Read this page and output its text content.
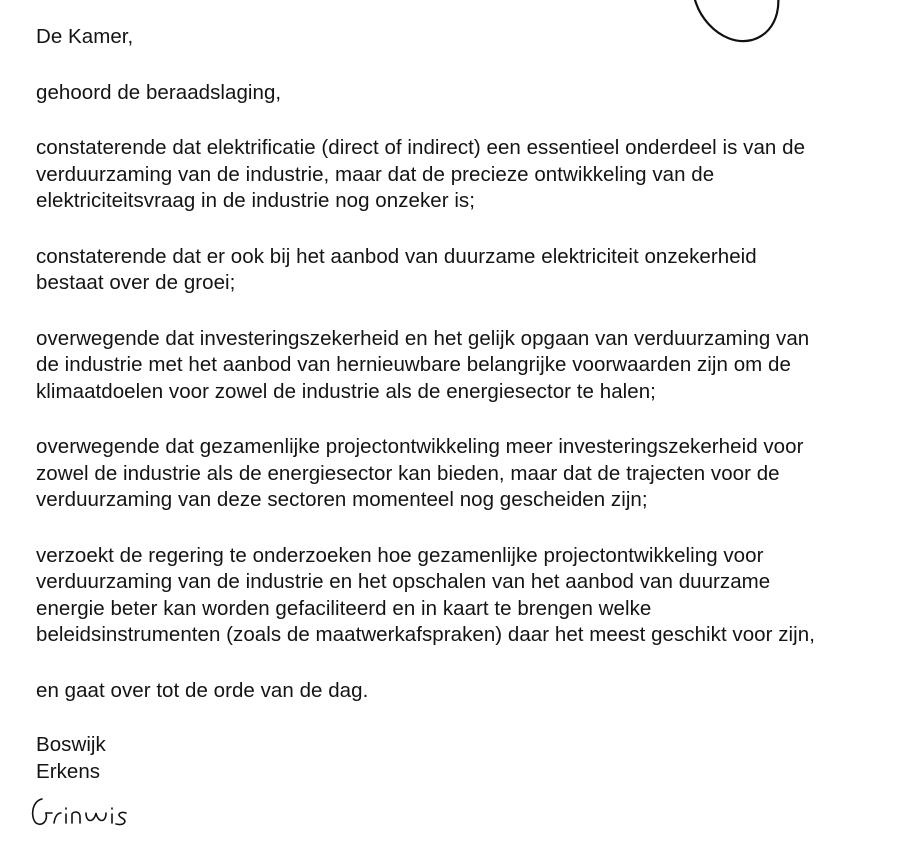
De Kamer,

gehoord de beraadslaging,

constaterende dat elektrificatie (direct of indirect) een essentieel onderdeel is van de
verduurzaming van de industrie, maar dat de precieze ontwikkeling van de
elektriciteitsvraag in de industrie nog onzeker is;

constaterende dat er ook bij het aanbod van duurzame elektriciteit onzekerheid
bestaat over de groei;

overwegende dat investeringszekerheid en het gelijk opgaan van verduurzaming van
de industrie met het aanbod van hernieuwbare belangrijke voorwaarden zijn om de
klimaatdoelen voor zowel de industrie als de energiesector te halen;

overwegende dat gezamenlijke projectontwikkeling meer investeringszekerheid voor
zowel de industrie als de energiesector kan bieden, maar dat de trajecten voor de
verduurzaming van deze sectoren momenteel nog gescheiden zijn;

verzoekt de regering te onderzoeken hoe gezamenlijke projectontwikkeling voor
verduurzaming van de industrie en het opschalen van het aanbod van duurzame
energie beter kan worden gefaciliteerd en in kaart te brengen welke
beleidsinstrumenten (zoals de maatwerkafspraken) daar het meest geschikt voor zijn,

en gaat over tot de orde van de dag.

Boswijk
Erkens
